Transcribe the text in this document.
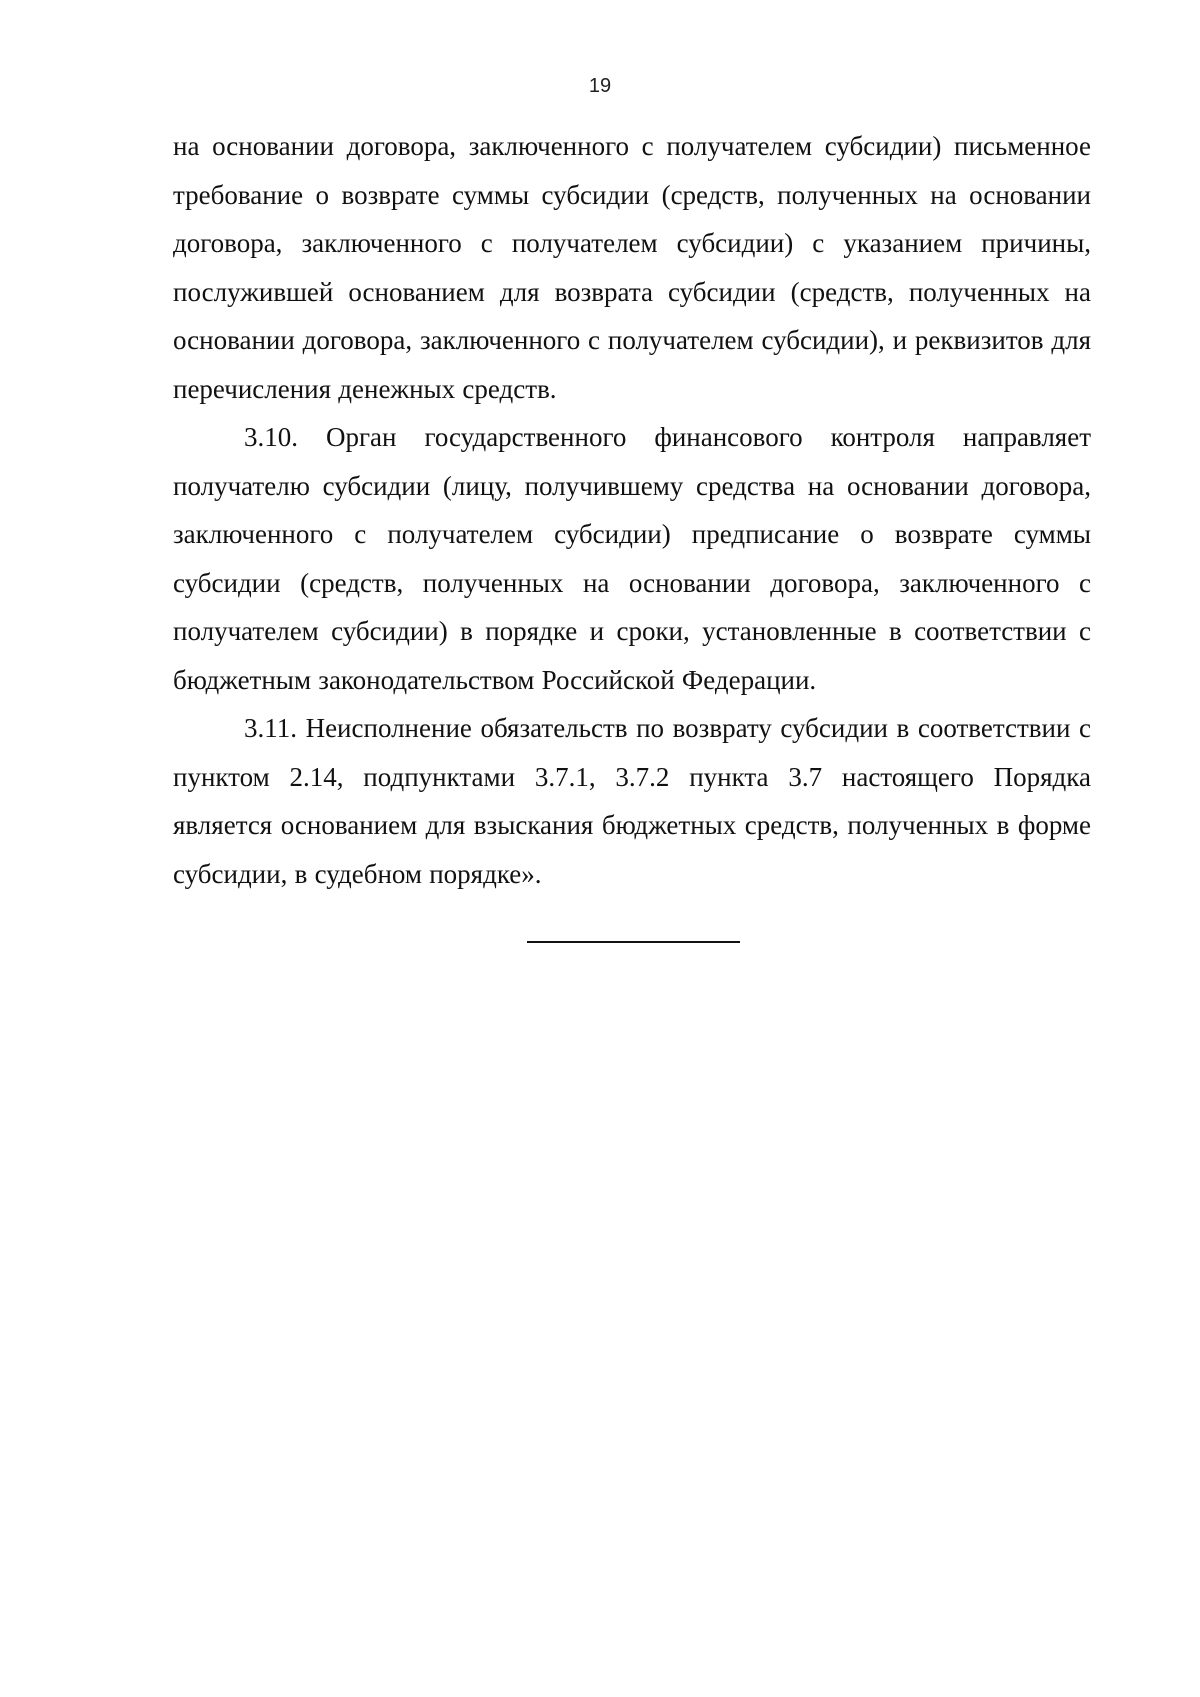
19

на основании договора, заключенного с получателем субсидии) письменное требование о возврате суммы субсидии (средств, полученных на основании договора, заключенного с получателем субсидии) с указанием причины, послужившей основанием для возврата субсидии (средств, полученных на основании договора, заключенного с получателем субсидии), и реквизитов для перечисления денежных средств.

3.10. Орган государственного финансового контроля направляет получателю субсидии (лицу, получившему средства на основании договора, заключенного с получателем субсидии) предписание о возврате суммы субсидии (средств, полученных на основании договора, заключенного с получателем субсидии) в порядке и сроки, установленные в соответствии с бюджетным законодательством Российской Федерации.

3.11. Неисполнение обязательств по возврату субсидии в соответствии с пунктом 2.14, подпунктами 3.7.1, 3.7.2 пункта 3.7 настоящего Порядка является основанием для взыскания бюджетных средств, полученных в форме субсидии, в судебном порядке».
